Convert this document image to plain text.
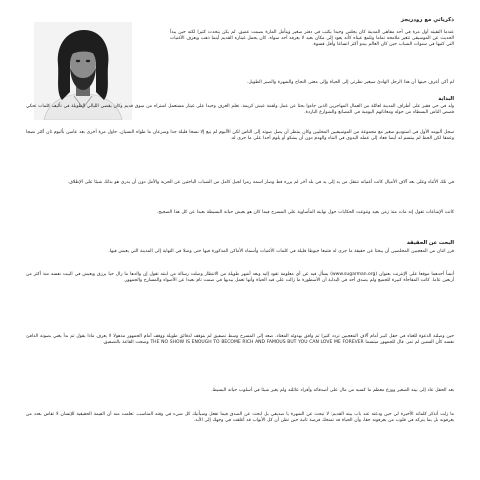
ذكرياتي مع رودريجز

عندما التقيته أول مرة في أحد مقاهي المدينة كان يجلس وحيدا يكتب في دفتر صغير ويتأمل المارة بصمت عميق. لم يكن يتحدث كثيرا لكنه حين يبدأ الحديث عن الموسيقى تتغير ملامحه تماما وتلمع عيناه كأنه يعود إلى مكان بعيد لا يعرفه أحد سواه. كان يحمل غيتاره القديم أينما ذهب ويعزف الأغنيات التي كتبها في سنوات الشباب حين كان العالم يبدو أكثر اتساعا وأقل قسوة.

لم أكن أعرف حينها أن هذا الرجل الهادئ سيغير نظرتي إلى الحياة وإلى معنى النجاح والشهرة والصبر الطويل.

البداية

ولد في حي فقير على أطراف المدينة لعائلة من العمال المهاجرين الذين جاءوا بحثا عن عمل ولقمة عيش كريمة. تعلم العزف وحيدا على غيتار مستعمل اشتراه من سوق قديم وكان يقضي الليالي الطويلة في تأليف كلمات تحكي قصص الناس البسطاء من حوله ومعاناتهم اليومية في المصانع والشوارع الباردة.

سجل ألبومه الأول في استوديو صغير مع مجموعة من الموسيقيين المحليين وكان ينتظر أن يصل صوته إلى الناس لكن الألبوم لم يبع إلا نسخا قليلة جدا وسرعان ما طواه النسيان. حاول مرة أخرى بعد عامين بألبوم ثان أكثر نضجا وعمقا لكن الحظ لم يبتسم له أيضا فعاد إلى عمله اليدوي في البناء والهدم دون أن يشكو أو يلوم أحدا على ما جرى له.

في تلك الأثناء وعلى بعد آلاف الأميال كانت أغنياته تنتقل من يد إلى يد في بلد آخر لم يزره قط وصار اسمه رمزا لجيل كامل من الشباب الباحثين عن الحرية والأمل دون أن يدري هو بذلك شيئا على الإطلاق.

كانت الإشاعات تقول إنه مات منذ زمن بعيد وتنوعت الحكايات حول نهايته المأساوية على المسرح فيما كان هو يعيش حياته البسيطة بعيدا عن كل هذا الضجيج.

البحث عن الحقيقة

قرر اثنان من المعجبين المخلصين أن يبحثا عن حقيقة ما جرى له فتتبعا خيوطا قليلة في كلمات الأغنيات وأسماء الأماكن المذكورة فيها حتى وصلا في النهاية إلى المدينة التي يعيش فيها.

أنشأ أحدهما موقعا على الإنترنت بعنوان (www.sugarman.org) يسأل فيه عن أي معلومة تقود إليه وبعد أشهر طويلة من الانتظار وصلت رسالة من ابنته تقول إن والدها ما زال حيا يرزق ويعيش في البيت نفسه منذ أكثر من أربعين عاما. كانت المفاجأة كبيرة للجميع ولم يصدق أحد في البداية أن الأسطورة ما زالت على قيد الحياة وأنها تعمل بيديها في صمت تام بعيدا عن الأضواء والمسارح والجمهور.

حين وصلته الدعوة للغناء في حفل كبير أمام آلاف المعجبين تردد كثيرا ثم وافق بهدوئه المعتاد. صعد إلى المسرح وسط تصفيق لم يتوقف لدقائق طويلة ووقف أمام الجمهور مذهولا لا يعرف ماذا يقول ثم بدأ يغني بصوته الدافئ نفسه كأن السنين لم تمر. قال للجمهور مبتسما THE NO SHOW IS ENOUGH TO BECOME RICH AND FAMOUS BUT YOU CAN LOVE ME FOREVER وضجت القاعة بالتصفيق.

بعد الحفل عاد إلى بيته الصغير ووزع معظم ما كسبه من مال على أصدقائه وأفراد عائلته ولم يغير شيئا في أسلوب حياته البسيط.

ما زلت أتذكر كلماته الأخيرة لي حين ودعته عند باب بيته القديم: لا تبحث عن الشهرة يا صديقي بل ابحث عن الصدق فيما تفعل وسيأتيك كل شيء في وقته المناسب. تعلمت منه أن القيمة الحقيقية للإنسان لا تقاس بعدد من يعرفونه بل بما يتركه في قلوب من يعرفونه حقا، وأن الحياة قد تمنحك فرصة ثانية حين تظن أن كل الأبواب قد أغلقت في وجهك إلى الأبد.
